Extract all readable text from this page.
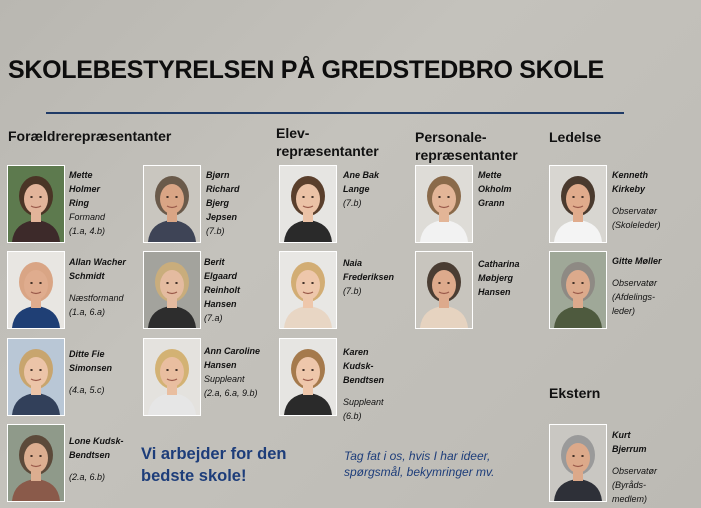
SKOLEBESTYRELSEN PÅ GREDSTEDBRO SKOLE
Forældrerepræsentanter	Elev-
repræsentanter
Personale-
repræsentanter
Ledelse
Ekstern
Mette
Holmer
Ring
Formand
(1.a, 4.b)
Bjørn
Richard
Bjerg
Jepsen
(7.b)
Allan Wacher
Schmidt
Næstformand
(1.a, 6.a)
Berit
Elgaard
Reinholt
Hansen
(7.a)
Ditte Fie
Simonsen
(4.a, 5.c)
Ann Caroline
Hansen
Suppleant
(2.a, 6.a, 9.b)
Lone Kudsk-
Bendtsen
(2.a, 6.b)
Ane Bak
Lange
(7.b)
Naia
Frederiksen
(7.b)
Karen
Kudsk-
Bendtsen
Suppleant
(6.b)
Mette
Okholm
Grann
Catharina
Møbjerg
Hansen
Kenneth
Kirkeby
Observatør
(Skoleleder)
Gitte Møller
Observatør
(Afdelings-leder)
Kurt
Bjerrum
Observatør
(Byråds-medlem)
Vi arbejder for den bedste skole!
Tag fat i os, hvis I har ideer, spørgsmål, bekymringer mv.
